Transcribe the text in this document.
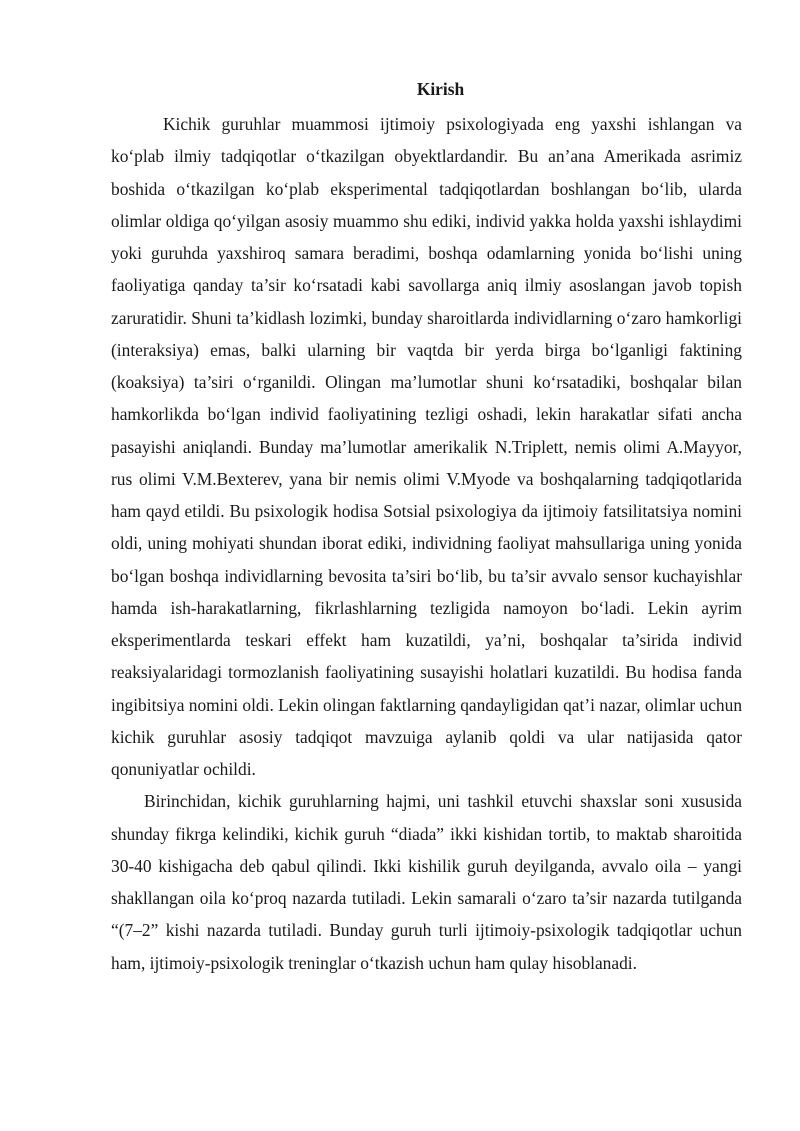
Kirish

Kichik guruhlar muammosi ijtimoiy psixologiyada eng yaxshi ishlangan va ko‘plab ilmiy tadqiqotlar o‘tkazilgan obyektlardandir. Bu an’ana Amerikada asrimiz boshida o‘tkazilgan ko‘plab eksperimental tadqiqotlardan boshlangan bo‘lib, ularda olimlar oldiga qo‘yilgan asosiy muammo shu ediki, individ yakka holda yaxshi ishlaydimi yoki guruhda yaxshiroq samara beradimi, boshqa odamlarning yonida bo‘lishi uning faoliyatiga qanday ta’sir ko‘rsatadi kabi savollarga aniq ilmiy asoslangan javob topish zaruratidir. Shuni ta’kidlash lozimki, bunday sharoitlarda individlarning o‘zaro hamkorligi (interaksiya) emas, balki ularning bir vaqtda bir yerda birga bo‘lganligi faktining (koaksiya) ta’siri o‘rganildi. Olingan ma’lumotlar shuni ko‘rsatadiki, boshqalar bilan hamkorlikda bo‘lgan individ faoliyatining tezligi oshadi, lekin harakatlar sifati ancha pasayishi aniqlandi. Bunday ma’lumotlar amerikalik N.Triplett, nemis olimi A.Mayyor, rus olimi V.M.Bexterev, yana bir nemis olimi V.Myode va boshqalarning tadqiqotlarida ham qayd etildi. Bu psixologik hodisa Sotsial psixologiya da ijtimoiy fatsilitatsiya nomini oldi, uning mohiyati shundan iborat ediki, individning faoliyat mahsullariga uning yonida bo‘lgan boshqa individlarning bevosita ta’siri bo‘lib, bu ta’sir avvalo sensor kuchayishlar hamda ish-harakatlarning, fikrlashlarning tezligida namoyon bo‘ladi. Lekin ayrim eksperimentlarda teskari effekt ham kuzatildi, ya’ni, boshqalar ta’sirida individ reaksiyalaridagi tormozlanish faoliyatining susayishi holatlari kuzatildi. Bu hodisa fanda ingibitsiya nomini oldi. Lekin olingan faktlarning qandayligidan qat’i nazar, olimlar uchun kichik guruhlar asosiy tadqiqot mavzuiga aylanib qoldi va ular natijasida qator qonuniyatlar ochildi.

Birinchidan, kichik guruhlarning hajmi, uni tashkil etuvchi shaxslar soni xususida shunday fikrga kelindiki, kichik guruh “diada” ikki kishidan tortib, to maktab sharoitida 30-40 kishigacha deb qabul qilindi. Ikki kishilik guruh deyilganda, avvalo oila – yangi shakllangan oila ko‘proq nazarda tutiladi. Lekin samarali o‘zaro ta’sir nazarda tutilganda “(7–2” kishi nazarda tutiladi. Bunday guruh turli ijtimoiy-psixologik tadqiqotlar uchun ham, ijtimoiy-psixologik treninglar o‘tkazish uchun ham qulay hisoblanadi.
